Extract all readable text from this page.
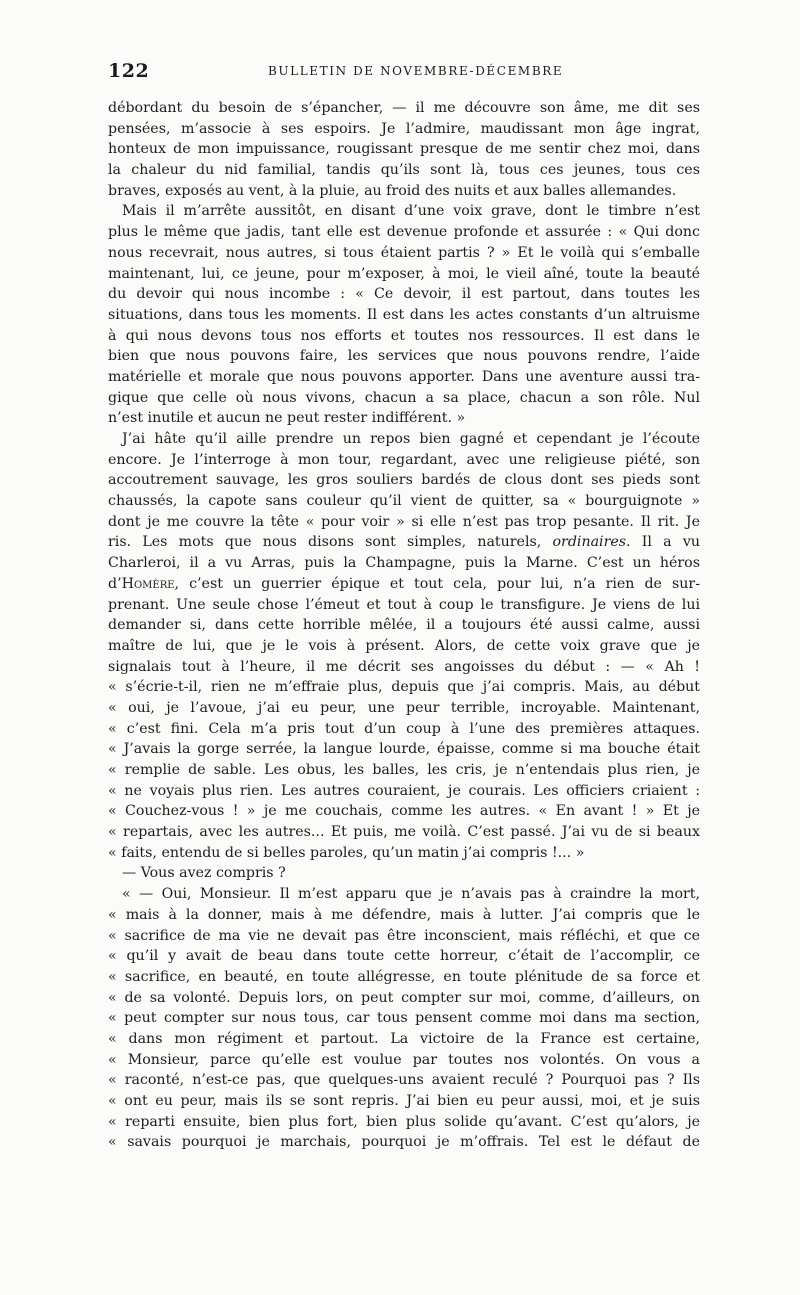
122	BULLETIN DE NOVEMBRE-DÉCEMBRE
débordant du besoin de s’épancher, — il me découvre son âme, me dit ses
pensées, m’associe à ses espoirs. Je l’admire, maudissant mon âge ingrat,
honteux de mon impuissance, rougissant presque de me sentir chez moi, dans
la chaleur du nid familial, tandis qu’ils sont là, tous ces jeunes, tous ces
braves, exposés au vent, à la pluie, au froid des nuits et aux balles allemandes.
Mais il m’arrête aussitôt, en disant d’une voix grave, dont le timbre n’est
plus le même que jadis, tant elle est devenue profonde et assurée : « Qui donc
nous recevrait, nous autres, si tous étaient partis ? » Et le voilà qui s’emballe
maintenant, lui, ce jeune, pour m’exposer, à moi, le vieil aîné, toute la beauté
du devoir qui nous incombe : « Ce devoir, il est partout, dans toutes les
situations, dans tous les moments. Il est dans les actes constants d’un altruisme
à qui nous devons tous nos efforts et toutes nos ressources. Il est dans le
bien que nous pouvons faire, les services que nous pouvons rendre, l’aide
matérielle et morale que nous pouvons apporter. Dans une aventure aussi tra-
gique que celle où nous vivons, chacun a sa place, chacun a son rôle. Nul
n’est inutile et aucun ne peut rester indifférent. »
J’ai hâte qu’il aille prendre un repos bien gagné et cependant je l’écoute
encore. Je l’interroge à mon tour, regardant, avec une religieuse piété, son
accoutrement sauvage, les gros souliers bardés de clous dont ses pieds sont
chaussés, la capote sans couleur qu’il vient de quitter, sa « bourguignote »
dont je me couvre la tête « pour voir » si elle n’est pas trop pesante. Il rit. Je
ris. Les mots que nous disons sont simples, naturels, ordinaires. Il a vu
Charleroi, il a vu Arras, puis la Champagne, puis la Marne. C’est un héros
d’Homère, c’est un guerrier épique et tout cela, pour lui, n’a rien de sur-
prenant. Une seule chose l’émeut et tout à coup le transfigure. Je viens de lui
demander si, dans cette horrible mêlée, il a toujours été aussi calme, aussi
maître de lui, que je le vois à présent. Alors, de cette voix grave que je
signalais tout à l’heure, il me décrit ses angoisses du début : — « Ah !
« s’écrie-t-il, rien ne m’effraie plus, depuis que j’ai compris. Mais, au début
« oui, je l’avoue, j’ai eu peur, une peur terrible, incroyable. Maintenant,
« c’est fini. Cela m’a pris tout d’un coup à l’une des premières attaques.
« J’avais la gorge serrée, la langue lourde, épaisse, comme si ma bouche était
« remplie de sable. Les obus, les balles, les cris, je n’entendais plus rien, je
« ne voyais plus rien. Les autres couraient, je courais. Les officiers criaient :
« Couchez-vous ! » je me couchais, comme les autres. « En avant ! » Et je
« repartais, avec les autres... Et puis, me voilà. C’est passé. J’ai vu de si beaux
« faits, entendu de si belles paroles, qu’un matin j’ai compris !... »
— Vous avez compris ?
« — Oui, Monsieur. Il m’est apparu que je n’avais pas à craindre la mort,
« mais à la donner, mais à me défendre, mais à lutter. J’ai compris que le
« sacrifice de ma vie ne devait pas être inconscient, mais réfléchi, et que ce
« qu’il y avait de beau dans toute cette horreur, c’était de l’accomplir, ce
« sacrifice, en beauté, en toute allégresse, en toute plénitude de sa force et
« de sa volonté. Depuis lors, on peut compter sur moi, comme, d’ailleurs, on
« peut compter sur nous tous, car tous pensent comme moi dans ma section,
« dans mon régiment et partout. La victoire de la France est certaine,
« Monsieur, parce qu’elle est voulue par toutes nos volontés. On vous a
« raconté, n’est-ce pas, que quelques-uns avaient reculé ? Pourquoi pas ? Ils
« ont eu peur, mais ils se sont repris. J’ai bien eu peur aussi, moi, et je suis
« reparti ensuite, bien plus fort, bien plus solide qu’avant. C’est qu’alors, je
« savais pourquoi je marchais, pourquoi je m’offrais. Tel est le défaut de
